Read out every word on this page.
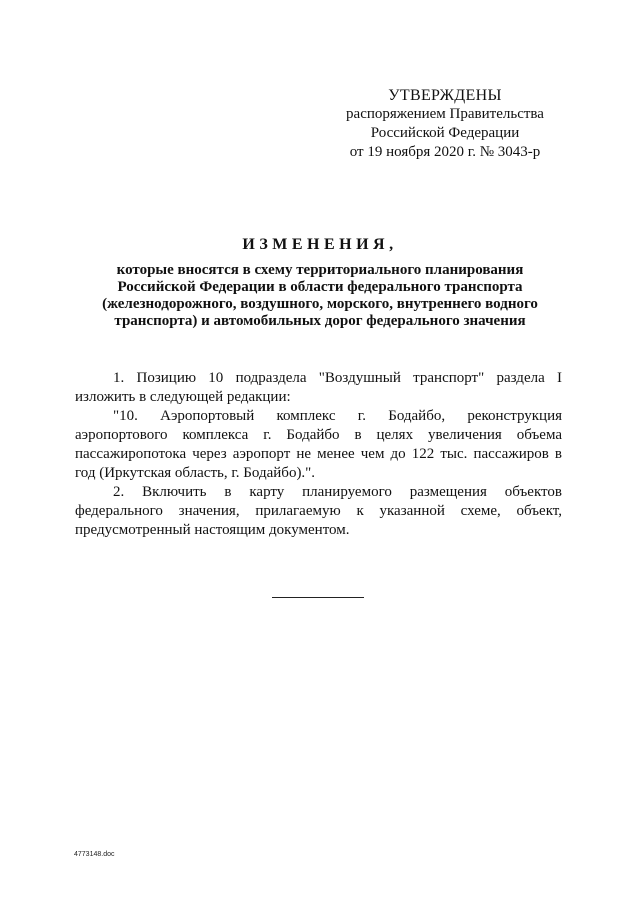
УТВЕРЖДЕНЫ
распоряжением Правительства
Российской Федерации
от 19 ноября 2020 г. № 3043-р
ИЗМЕНЕНИЯ,
которые вносятся в схему территориального планирования
Российской Федерации в области федерального транспорта
(железнодорожного, воздушного, морского, внутреннего водного
транспорта) и автомобильных дорог федерального значения

1. Позицию 10 подраздела "Воздушный транспорт" раздела I изложить в следующей редакции:

"10. Аэропортовый комплекс г. Бодайбо, реконструкция аэропортового комплекса г. Бодайбо в целях увеличения объема пассажиропотока через аэропорт не менее чем до 122 тыс. пассажиров в год (Иркутская область, г. Бодайбо).".

2. Включить в карту планируемого размещения объектов федерального значения, прилагаемую к указанной схеме, объект, предусмотренный настоящим документом.

4773148.doc
